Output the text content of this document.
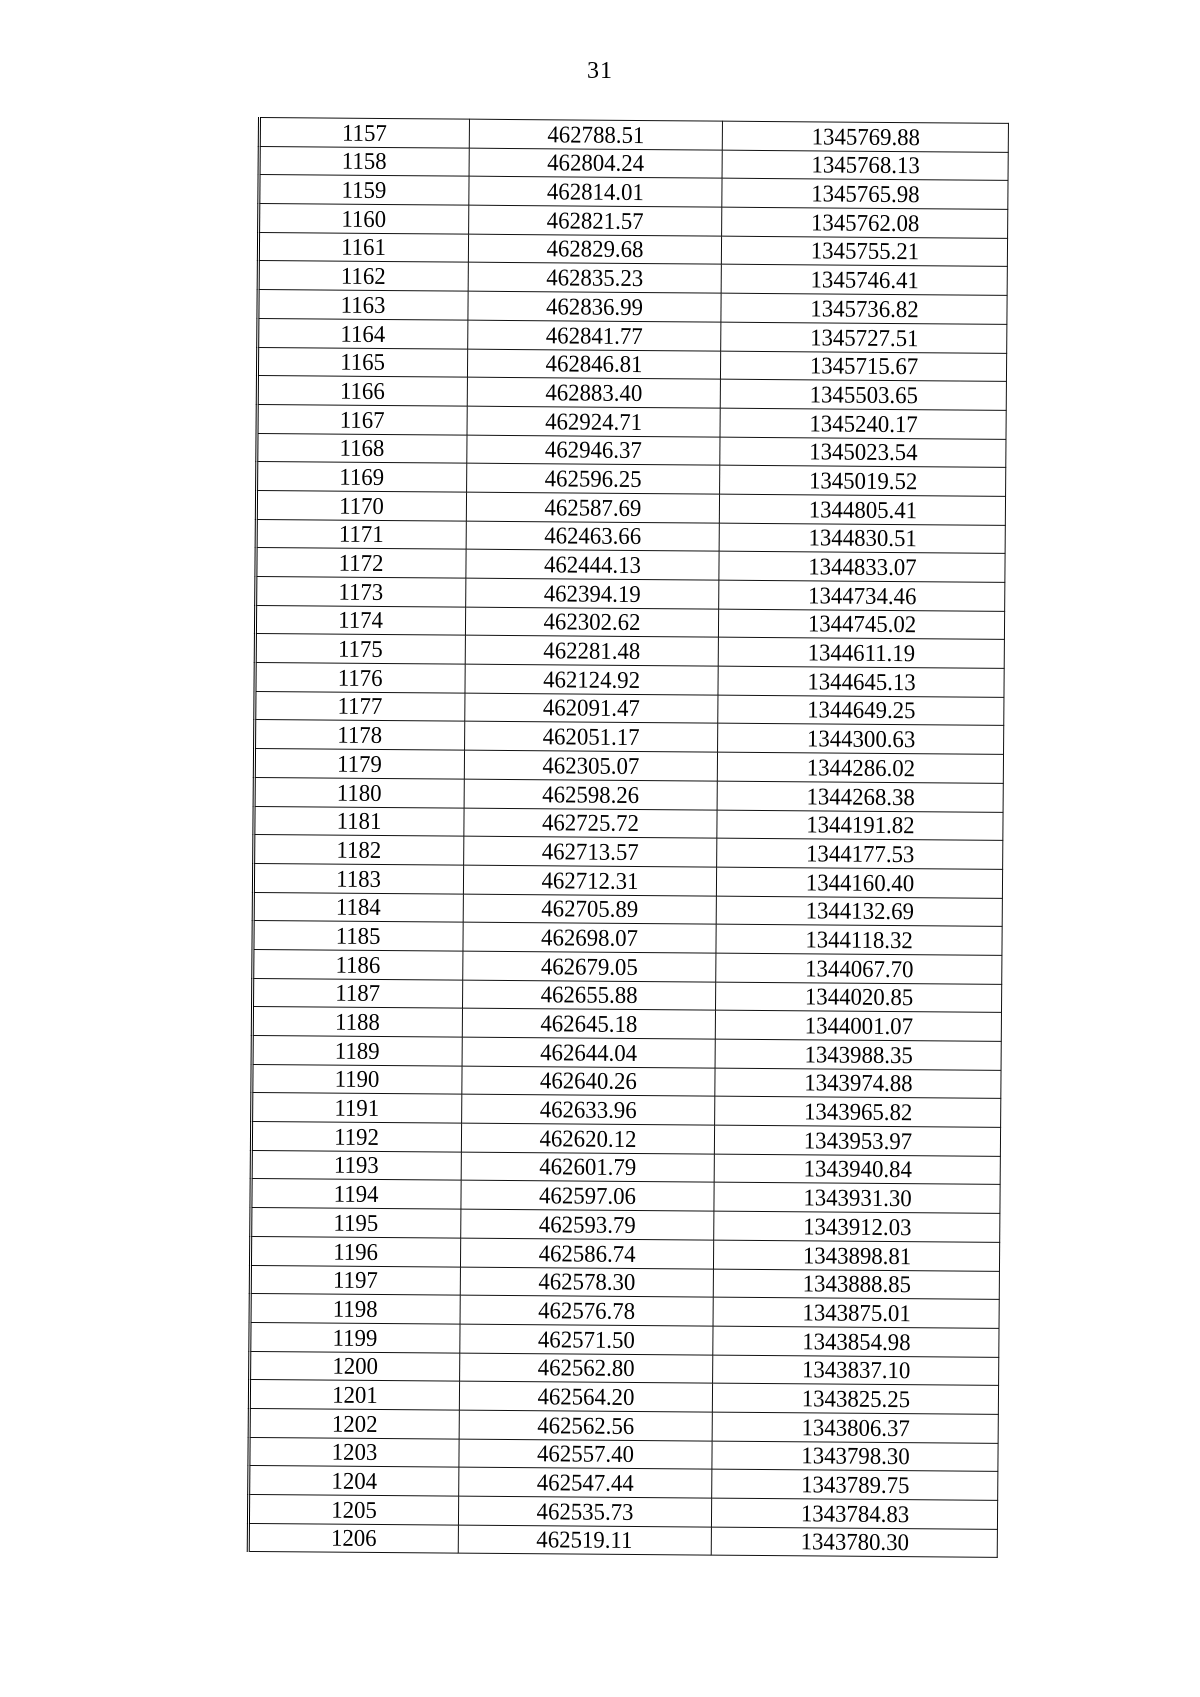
31
1157	462788.51	1345769.88
1158	462804.24	1345768.13
1159	462814.01	1345765.98
1160	462821.57	1345762.08
1161	462829.68	1345755.21
1162	462835.23	1345746.41
1163	462836.99	1345736.82
1164	462841.77	1345727.51
1165	462846.81	1345715.67
1166	462883.40	1345503.65
1167	462924.71	1345240.17
1168	462946.37	1345023.54
1169	462596.25	1345019.52
1170	462587.69	1344805.41
1171	462463.66	1344830.51
1172	462444.13	1344833.07
1173	462394.19	1344734.46
1174	462302.62	1344745.02
1175	462281.48	1344611.19
1176	462124.92	1344645.13
1177	462091.47	1344649.25
1178	462051.17	1344300.63
1179	462305.07	1344286.02
1180	462598.26	1344268.38
1181	462725.72	1344191.82
1182	462713.57	1344177.53
1183	462712.31	1344160.40
1184	462705.89	1344132.69
1185	462698.07	1344118.32
1186	462679.05	1344067.70
1187	462655.88	1344020.85
1188	462645.18	1344001.07
1189	462644.04	1343988.35
1190	462640.26	1343974.88
1191	462633.96	1343965.82
1192	462620.12	1343953.97
1193	462601.79	1343940.84
1194	462597.06	1343931.30
1195	462593.79	1343912.03
1196	462586.74	1343898.81
1197	462578.30	1343888.85
1198	462576.78	1343875.01
1199	462571.50	1343854.98
1200	462562.80	1343837.10
1201	462564.20	1343825.25
1202	462562.56	1343806.37
1203	462557.40	1343798.30
1204	462547.44	1343789.75
1205	462535.73	1343784.83
1206	462519.11	1343780.30
